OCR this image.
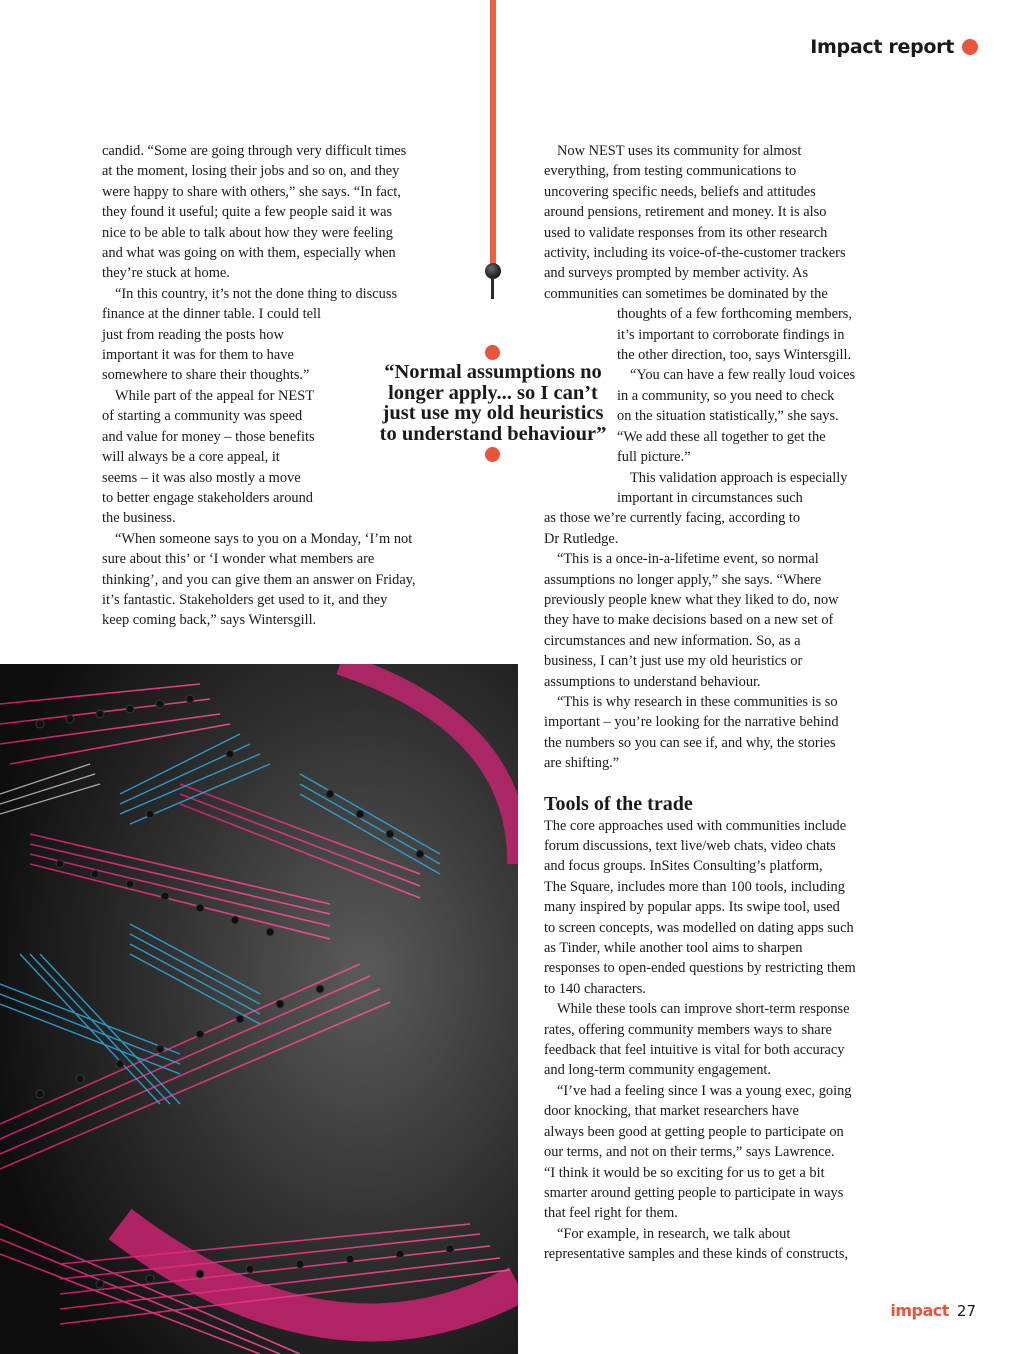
Impact report

candid. “Some are going through very difficult times

at the moment, losing their jobs and so on, and they

were happy to share with others,” she says. “In fact,

they found it useful; quite a few people said it was

nice to be able to talk about how they were feeling

and what was going on with them, especially when

they’re stuck at home.

“In this country, it’s not the done thing to discuss

finance at the dinner table. I could tell

just from reading the posts how

important it was for them to have

somewhere to share their thoughts.”

While part of the appeal for NEST

of starting a community was speed

and value for money – those benefits

will always be a core appeal, it

seems – it was also mostly a move

to better engage stakeholders around

the business.

“When someone says to you on a Monday, ‘I’m not

sure about this’ or ‘I wonder what members are

thinking’, and you can give them an answer on Friday,

it’s fantastic. Stakeholders get used to it, and they

keep coming back,” says Wintersgill.

“Normal assumptions no
longer apply... so I can’t
just use my old heuristics
to understand behaviour”

Now NEST uses its community for almost

everything, from testing communications to

uncovering specific needs, beliefs and attitudes

around pensions, retirement and money. It is also

used to validate responses from its other research

activity, including its voice-of-the-customer trackers

and surveys prompted by member activity. As

communities can sometimes be dominated by the

thoughts of a few forthcoming members,

it’s important to corroborate findings in

the other direction, too, says Wintersgill.

“You can have a few really loud voices

in a community, so you need to check

on the situation statistically,” she says.

“We add these all together to get the

full picture.”

This validation approach is especially

important in circumstances such

as those we’re currently facing, according to

Dr Rutledge.

“This is a once-in-a-lifetime event, so normal

assumptions no longer apply,” she says. “Where

previously people knew what they liked to do, now

they have to make decisions based on a new set of

circumstances and new information. So, as a

business, I can’t just use my old heuristics or

assumptions to understand behaviour.

“This is why research in these communities is so

important – you’re looking for the narrative behind

the numbers so you can see if, and why, the stories

are shifting.”

Tools of the trade

The core approaches used with communities include

forum discussions, text live/web chats, video chats

and focus groups. InSites Consulting’s platform,

The Square, includes more than 100 tools, including

many inspired by popular apps. Its swipe tool, used

to screen concepts, was modelled on dating apps such

as Tinder, while another tool aims to sharpen

responses to open-ended questions by restricting them

to 140 characters.

While these tools can improve short-term response

rates, offering community members ways to share

feedback that feel intuitive is vital for both accuracy

and long-term community engagement.

“I’ve had a feeling since I was a young exec, going

door knocking, that market researchers have

always been good at getting people to participate on

our terms, and not on their terms,” says Lawrence.

“I think it would be so exciting for us to get a bit

smarter around getting people to participate in ways

that feel right for them.

“For example, in research, we talk about

representative samples and these kinds of constructs,

impact 27
